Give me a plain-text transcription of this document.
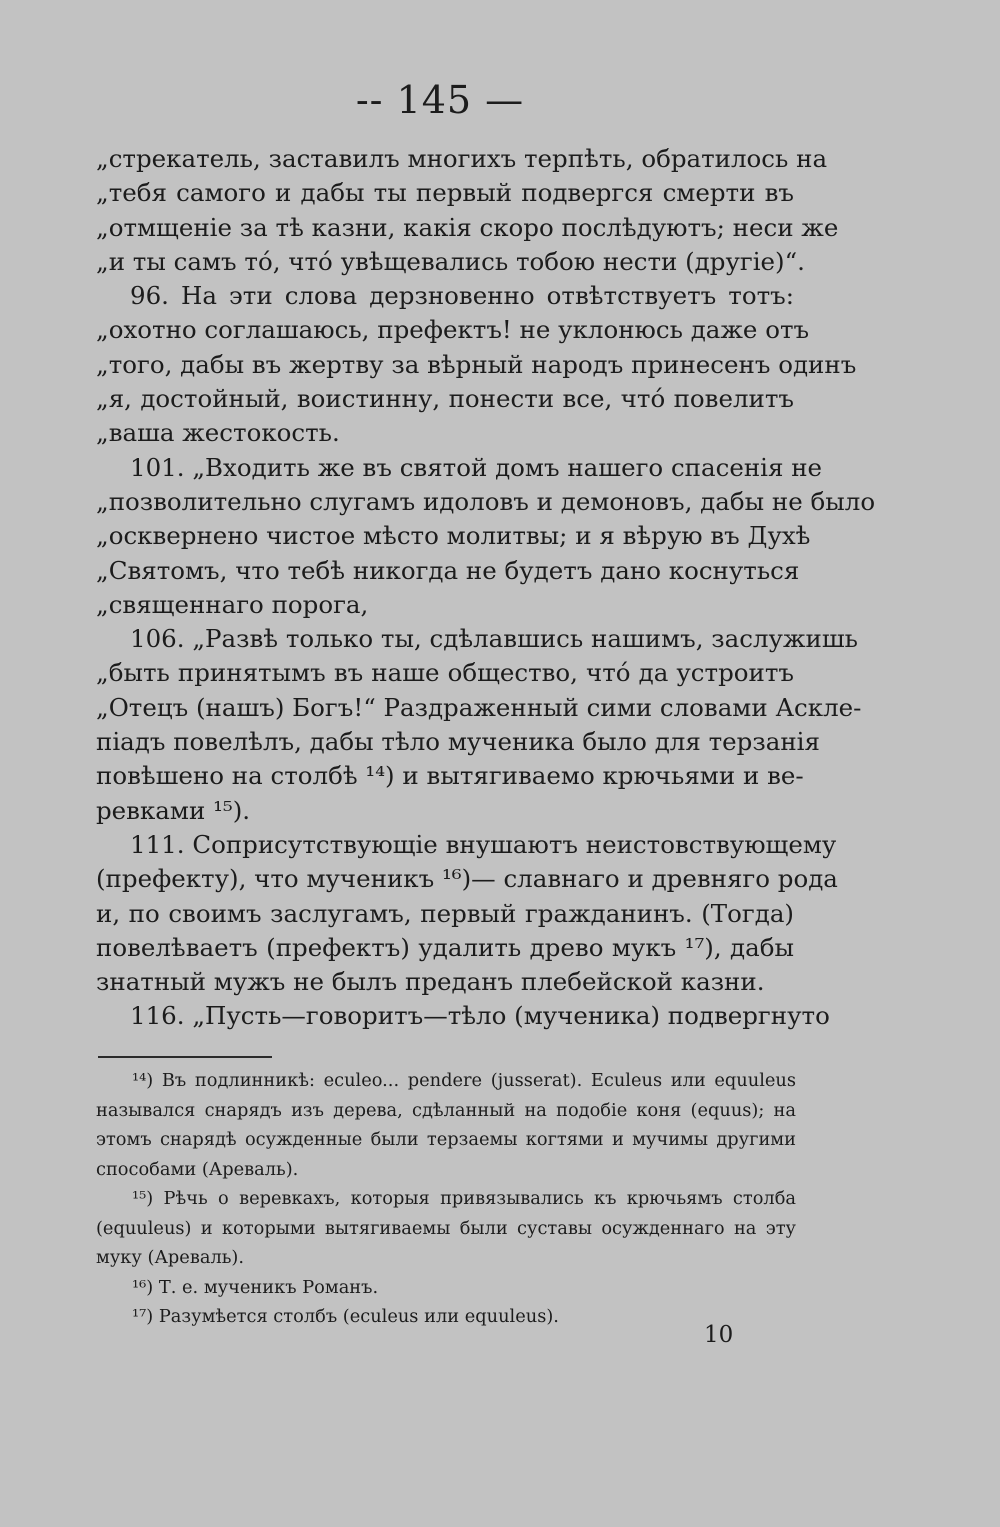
-- 145 —
„стрекатель, заставилъ многихъ терпѣть, обратилось на
„тебя самого и дабы ты первый подвергся смерти въ
„отмщеніе за тѣ казни, какія скоро послѣдуютъ; неси же
„и ты самъ то́, что́ увѣщевались тобою нести (другіе)“.
96. На эти слова дерзновенно отвѣтствуетъ тотъ:
„охотно соглашаюсь, префектъ! не уклонюсь даже отъ
„того, дабы въ жертву за вѣрный народъ принесенъ одинъ
„я, достойный, воистинну, понести все, что́ повелитъ
„ваша жестокость.
101. „Входить же въ святой домъ нашего спасенія не
„позволительно слугамъ идоловъ и демоновъ, дабы не было
„осквернено чистое мѣсто молитвы; и я вѣрую въ Духѣ
„Святомъ, что тебѣ никогда не будетъ дано коснуться
„священнаго порога,
106. „Развѣ только ты, сдѣлавшись нашимъ, заслужишь
„быть принятымъ въ наше общество, что́ да устроитъ
„Отецъ (нашъ) Богъ!“ Раздраженный сими словами Аскле-
піадъ повелѣлъ, дабы тѣло мученика было для терзанія
повѣшено на столбѣ ¹⁴) и вытягиваемо крючьями и ве-
ревками ¹⁵).
111. Соприсутствующіе внушаютъ неистовствующему
(префекту), что мученикъ ¹⁶)— славнаго и древняго рода
и, по своимъ заслугамъ, первый гражданинъ. (Тогда)
повелѣваетъ (префектъ) удалить древо мукъ ¹⁷), дабы
знатный мужъ не былъ преданъ плебейской казни.
116. „Пусть—говоритъ—тѣло (мученика) подвергнуто
¹⁴) Въ подлинникѣ: eculeo... pendere (jusserat). Eculeus или equuleus
назывался снарядъ изъ дерева, сдѣланный на подобіе коня (equus); на
этомъ снарядѣ осужденные были терзаемы когтями и мучимы другими
способами (Ареваль).
¹⁵) Рѣчь о веревкахъ, которыя привязывались къ крючьямъ столба
(equuleus) и которыми вытягиваемы были суставы осужденнаго на эту
муку (Ареваль).
¹⁶) Т. е. мученикъ Романъ.
¹⁷) Разумѣется столбъ (eculeus или equuleus).
10
